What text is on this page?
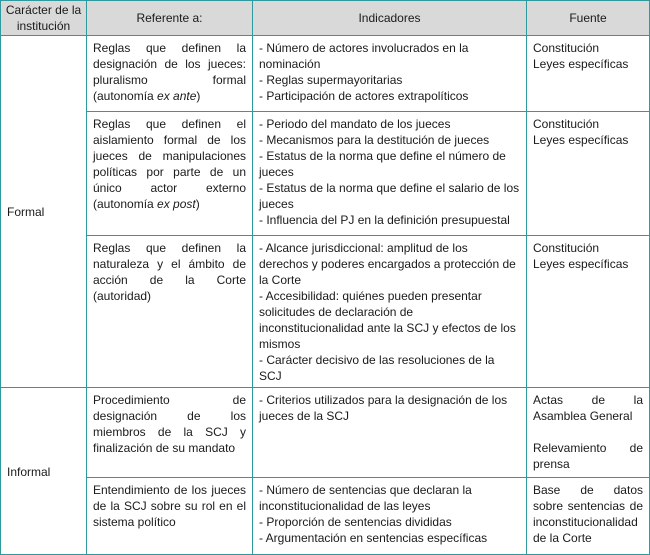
Carácter de la institución	Referente a:	Indicadores	Fuente
Formal	Reglas que definen la designación de los jueces: pluralismo formal (autonomía ex ante)	- Número de actores involucrados en la nominación
- Reglas supermayoritarias
- Participación de actores extrapolíticos	Constitución
Leyes específicas

	Reglas que definen el aislamiento formal de los jueces de manipulaciones políticas por parte de un único actor externo (autonomía ex post)	- Periodo del mandato de los jueces
- Mecanismos para la destitución de jueces
- Estatus de la norma que define el número de jueces
- Estatus de la norma que define el salario de los jueces
- Influencia del PJ en la definición presupuestal	Constitución
Leyes específicas

	Reglas que definen la naturaleza y el ámbito de acción de la Corte (autoridad)	- Alcance jurisdiccional: amplitud de los derechos y poderes encargados a protección de la Corte
- Accesibilidad: quiénes pueden presentar solicitudes de declaración de inconstitucionalidad ante la SCJ y efectos de los mismos
- Carácter decisivo de las resoluciones de la SCJ	Constitución
Leyes específicas

Informal	Procedimiento de designación de los miembros de la SCJ y finalización de su mandato	- Criterios utilizados para la designación de los jueces de la SCJ	Actas de la Asamblea General
Relevamiento de prensa

	Entendimiento de los jueces de la SCJ sobre su rol en el sistema político	- Número de sentencias que declaran la inconstitucionalidad de las leyes
- Proporción de sentencias divididas
- Argumentación en sentencias específicas	Base de datos sobre sentencias de inconstitucionalidad de la Corte
